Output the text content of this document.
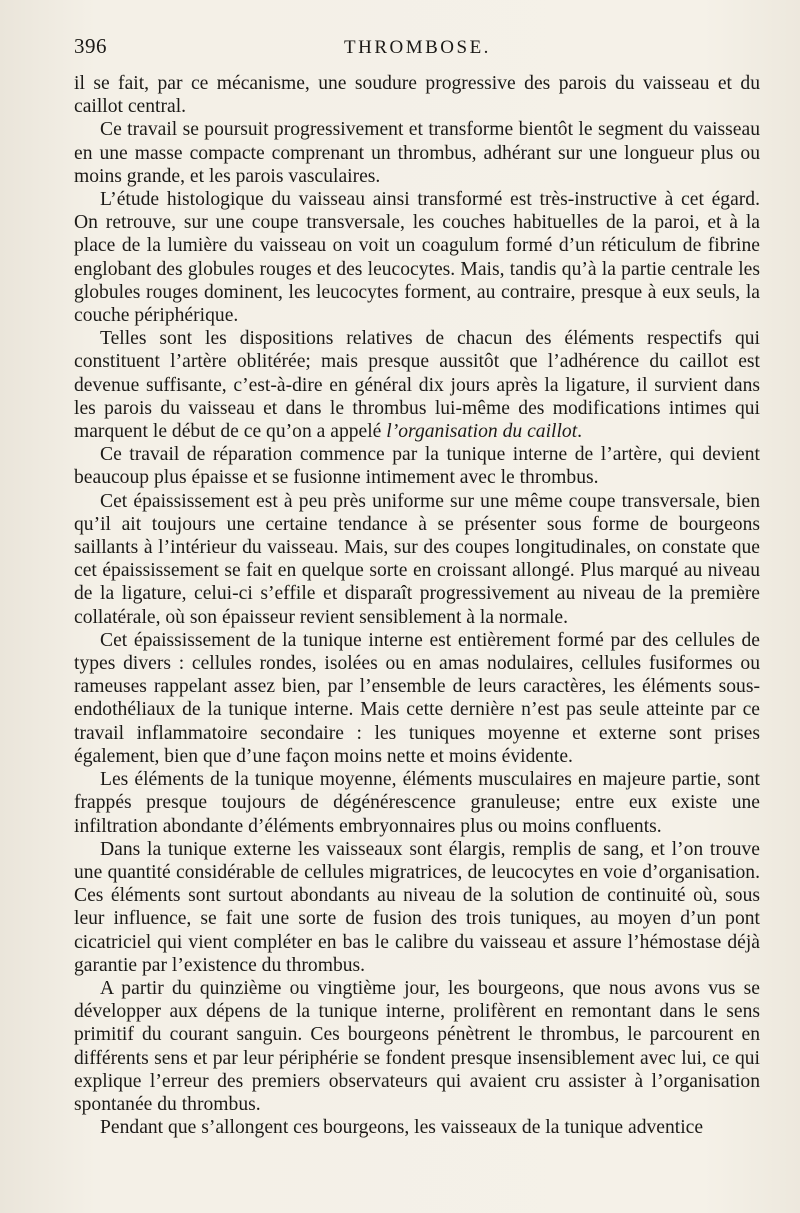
396	THROMBOSE.

il se fait, par ce mécanisme, une soudure progressive des parois du vaisseau et du caillot central.

Ce travail se poursuit progressivement et transforme bientôt le segment du vaisseau en une masse compacte comprenant un thrombus, adhérant sur une longueur plus ou moins grande, et les parois vasculaires.

L’étude histologique du vaisseau ainsi transformé est très-instructive à cet égard. On retrouve, sur une coupe transversale, les couches habituelles de la paroi, et à la place de la lumière du vaisseau on voit un coagulum formé d’un réticulum de fibrine englobant des globules rouges et des leucocytes. Mais, tandis qu’à la partie centrale les globules rouges dominent, les leucocytes forment, au contraire, presque à eux seuls, la couche périphérique.

Telles sont les dispositions relatives de chacun des éléments respectifs qui constituent l’artère oblitérée; mais presque aussitôt que l’adhérence du caillot est devenue suffisante, c’est-à-dire en général dix jours après la ligature, il survient dans les parois du vaisseau et dans le thrombus lui-même des modifications intimes qui marquent le début de ce qu’on a appelé l’organisation du caillot.

Ce travail de réparation commence par la tunique interne de l’artère, qui devient beaucoup plus épaisse et se fusionne intimement avec le thrombus.

Cet épaississement est à peu près uniforme sur une même coupe transversale, bien qu’il ait toujours une certaine tendance à se présenter sous forme de bourgeons saillants à l’intérieur du vaisseau. Mais, sur des coupes longitudinales, on constate que cet épaississement se fait en quelque sorte en croissant allongé. Plus marqué au niveau de la ligature, celui-ci s’effile et disparaît progressivement au niveau de la première collatérale, où son épaisseur revient sensiblement à la normale.

Cet épaississement de la tunique interne est entièrement formé par des cellules de types divers : cellules rondes, isolées ou en amas nodulaires, cellules fusiformes ou rameuses rappelant assez bien, par l’ensemble de leurs caractères, les éléments sous-endothéliaux de la tunique interne. Mais cette dernière n’est pas seule atteinte par ce travail inflammatoire secondaire : les tuniques moyenne et externe sont prises également, bien que d’une façon moins nette et moins évidente.

Les éléments de la tunique moyenne, éléments musculaires en majeure partie, sont frappés presque toujours de dégénérescence granuleuse; entre eux existe une infiltration abondante d’éléments embryonnaires plus ou moins confluents.

Dans la tunique externe les vaisseaux sont élargis, remplis de sang, et l’on trouve une quantité considérable de cellules migratrices, de leucocytes en voie d’organisation. Ces éléments sont surtout abondants au niveau de la solution de continuité où, sous leur influence, se fait une sorte de fusion des trois tuniques, au moyen d’un pont cicatriciel qui vient compléter en bas le calibre du vaisseau et assure l’hémostase déjà garantie par l’existence du thrombus.

A partir du quinzième ou vingtième jour, les bourgeons, que nous avons vus se développer aux dépens de la tunique interne, prolifèrent en remontant dans le sens primitif du courant sanguin. Ces bourgeons pénètrent le thrombus, le parcourent en différents sens et par leur périphérie se fondent presque insensiblement avec lui, ce qui explique l’erreur des premiers observateurs qui avaient cru assister à l’organisation spontanée du thrombus.

Pendant que s’allongent ces bourgeons, les vaisseaux de la tunique adventice
